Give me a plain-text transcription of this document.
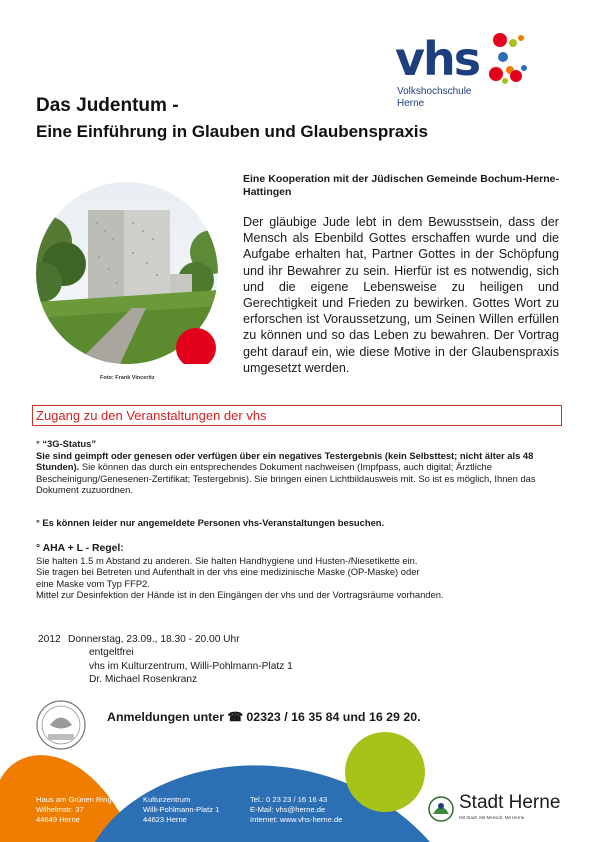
vhs
Volkshochschule
Herne
Das Judentum -
Eine Einführung in Glauben und Glaubenspraxis
Foto: Frank Vinceritz
Eine Kooperation mit der Jüdischen Gemeinde Bochum-Herne-Hattingen
Der gläubige Jude lebt in dem Bewusstsein, dass der Mensch als Ebenbild Gottes erschaffen wurde und die Aufgabe erhalten hat, Partner Gottes in der Schöpfung und ihr Bewahrer zu sein. Hierfür ist es notwendig, sich und die eigene Lebensweise zu heiligen und Gerechtigkeit und Frieden zu bewirken. Gottes Wort zu erforschen ist Voraussetzung, um Seinen Willen erfüllen zu können und so das Leben zu bewahren. Der Vortrag geht darauf ein, wie diese Motive in der Glaubenspraxis umgesetzt werden.
Zugang zu den Veranstaltungen der vhs
° “3G-Status”
Sie sind geimpft oder genesen oder verfügen über ein negatives Testergebnis (kein Selbsttest; nicht älter als 48 Stunden). Sie können das durch ein entsprechendes Dokument nachweisen (Impfpass, auch digital; Ärztliche Bescheinigung/Genesenen-Zertifikat; Testergebnis). Sie bringen einen Lichtbildausweis mit. So ist es möglich, Ihnen das Dokument zuzuordnen.
° Es können leider nur angemeldete Personen vhs-Veranstaltungen besuchen.
° AHA + L - Regel:
Sie halten 1.5 m Abstand zu anderen. Sie halten Handhygiene und Husten-/Niesetikette ein.
Sie tragen bei Betreten und Aufenthalt in der vhs eine medizinische Maske (OP-Maske) oder
eine Maske vom Typ FFP2.
Mittel zur Desinfektion der Hände ist in den Eingängen der vhs und der Vortragsräume vorhanden.
2012 Donnerstag, 23.09., 18.30 - 20.00 Uhr
entgeltfrei
vhs im Kulturzentrum, Willi-Pohlmann-Platz 1
Dr. Michael Rosenkranz
Anmeldungen unter ☎ 02323 / 16 35 84 und 16 29 20.
Haus am Grünen Ring
Wilhelmstr. 37
44649 Herne
Kulturzentrum
Willi-Pohlmann-Platz 1
44623 Herne
Tel.: 0 23 23 / 16 16 43
E-Mail: vhs@herne.de
Internet: www.vhs-herne.de
Stadt Herne
Mit Stadt. Mit Mensch. Mit Herne
